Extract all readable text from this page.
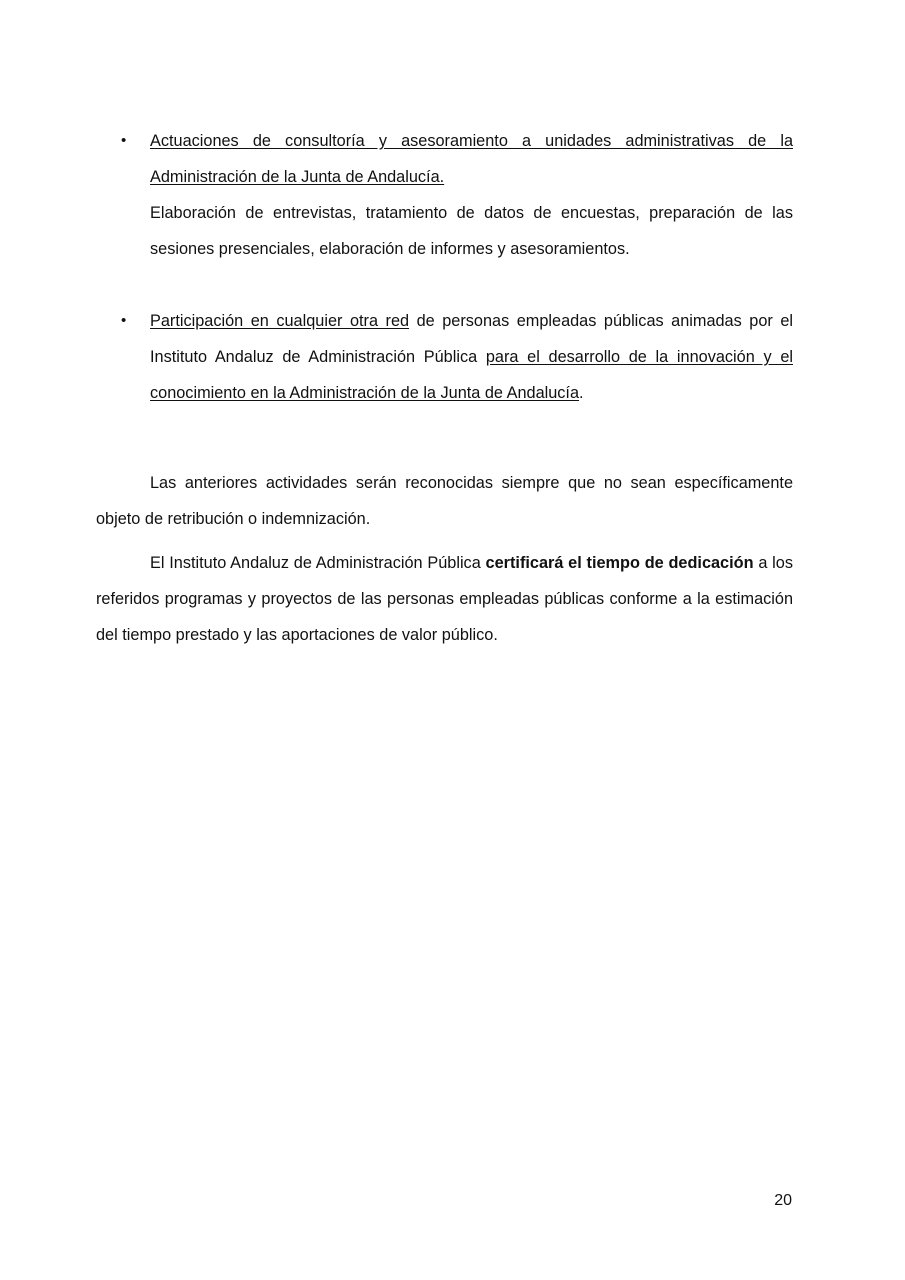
• Actuaciones de consultoría y asesoramiento a unidades administrativas de la Administración de la Junta de Andalucía.
Elaboración de entrevistas, tratamiento de datos de encuestas, preparación de las sesiones presenciales, elaboración de informes y asesoramientos.
• Participación en cualquier otra red de personas empleadas públicas animadas por el Instituto Andaluz de Administración Pública para el desarrollo de la innovación y el conocimiento en la Administración de la Junta de Andalucía.

Las anteriores actividades serán reconocidas siempre que no sean específicamente objeto de retribución o indemnización.

El Instituto Andaluz de Administración Pública certificará el tiempo de dedicación a los referidos programas y proyectos de las personas empleadas públicas conforme a la estimación del tiempo prestado y las aportaciones de valor público.

20
